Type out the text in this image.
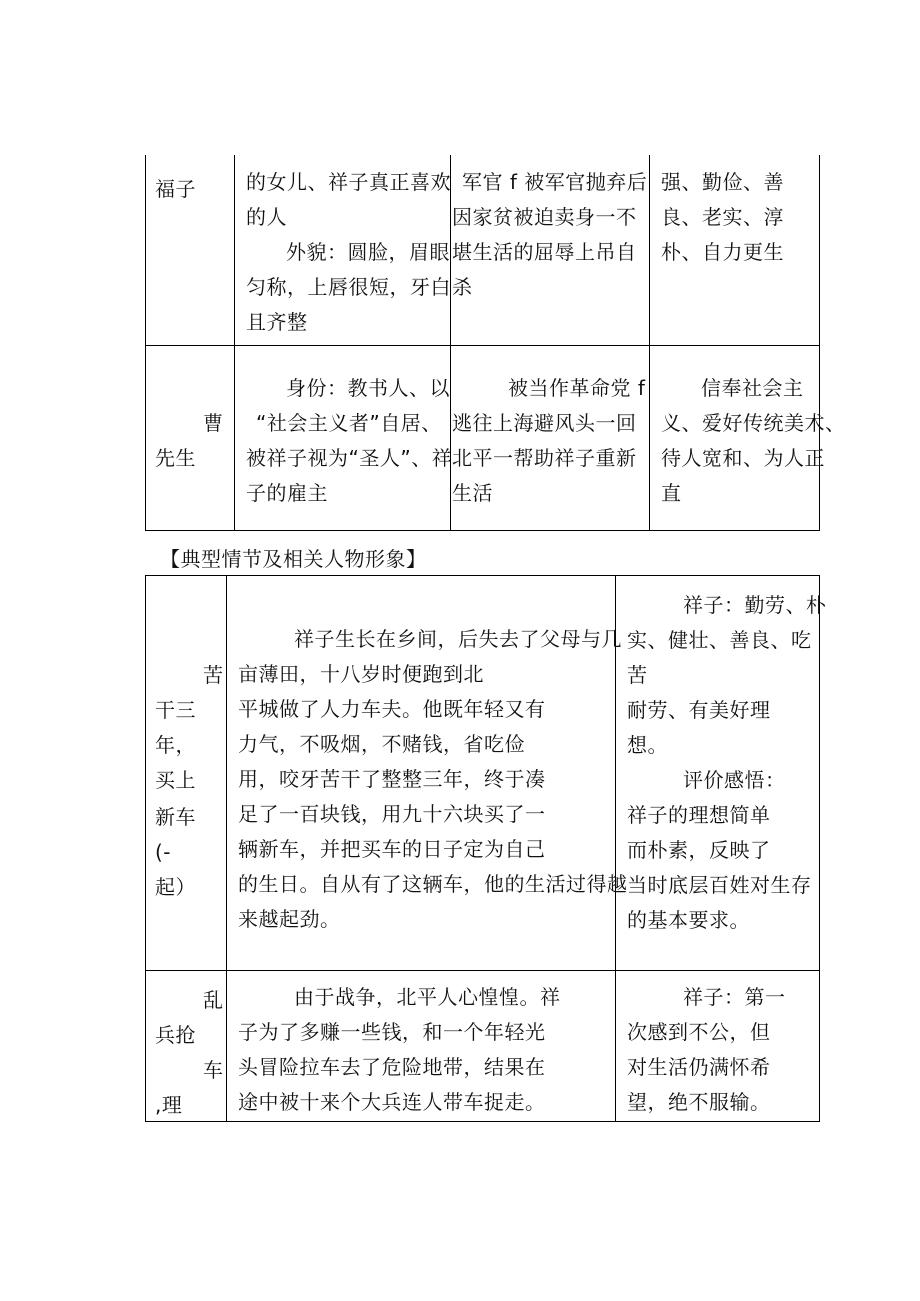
福子	的女儿、祥子真正喜欢
的人
外貌：圆脸，眉眼
匀称，上唇很短，牙白
且齐整
军官 f 被军官抛弃后
因家贫被迫卖身一不
堪生活的屈辱上吊自
杀
强、勤俭、善
良、老实、淳
朴、自力更生
曹
先生
身份：教书人、以
“社会主义者”自居、
被祥子视为“圣人”、祥
子的雇主
被当作革命党 f
逃往上海避风头一回
北平一帮助祥子重新
生活
信奉社会主
义、爱好传统美术、
待人宽和、为人正
直
【典型情节及相关人物形象】
苦
干三
年，
买上
新车
(-
起）
祥子生长在乡间，后失去了父母与几
亩薄田，十八岁时便跑到北
平城做了人力车夫。他既年轻又有
力气，不吸烟，不赌钱，省吃俭
用，咬牙苦干了整整三年，终于凑
足了一百块钱，用九十六块买了一
辆新车，并把买车的日子定为自己
的生日。自从有了这辆车，他的生活过得越
来越起劲。
祥子：勤劳、朴
实、健壮、善良、吃
苦
耐劳、有美好理
想。
评价感悟：
祥子的理想简单
而朴素，反映了
当时底层百姓对生存
的基本要求。
乱
兵抢
车
,理
由于战争，北平人心惶惶。祥
子为了多赚一些钱，和一个年轻光
头冒险拉车去了危险地带，结果在
途中被十来个大兵连人带车捉走。
祥子：第一
次感到不公，但
对生活仍满怀希
望，绝不服输。
